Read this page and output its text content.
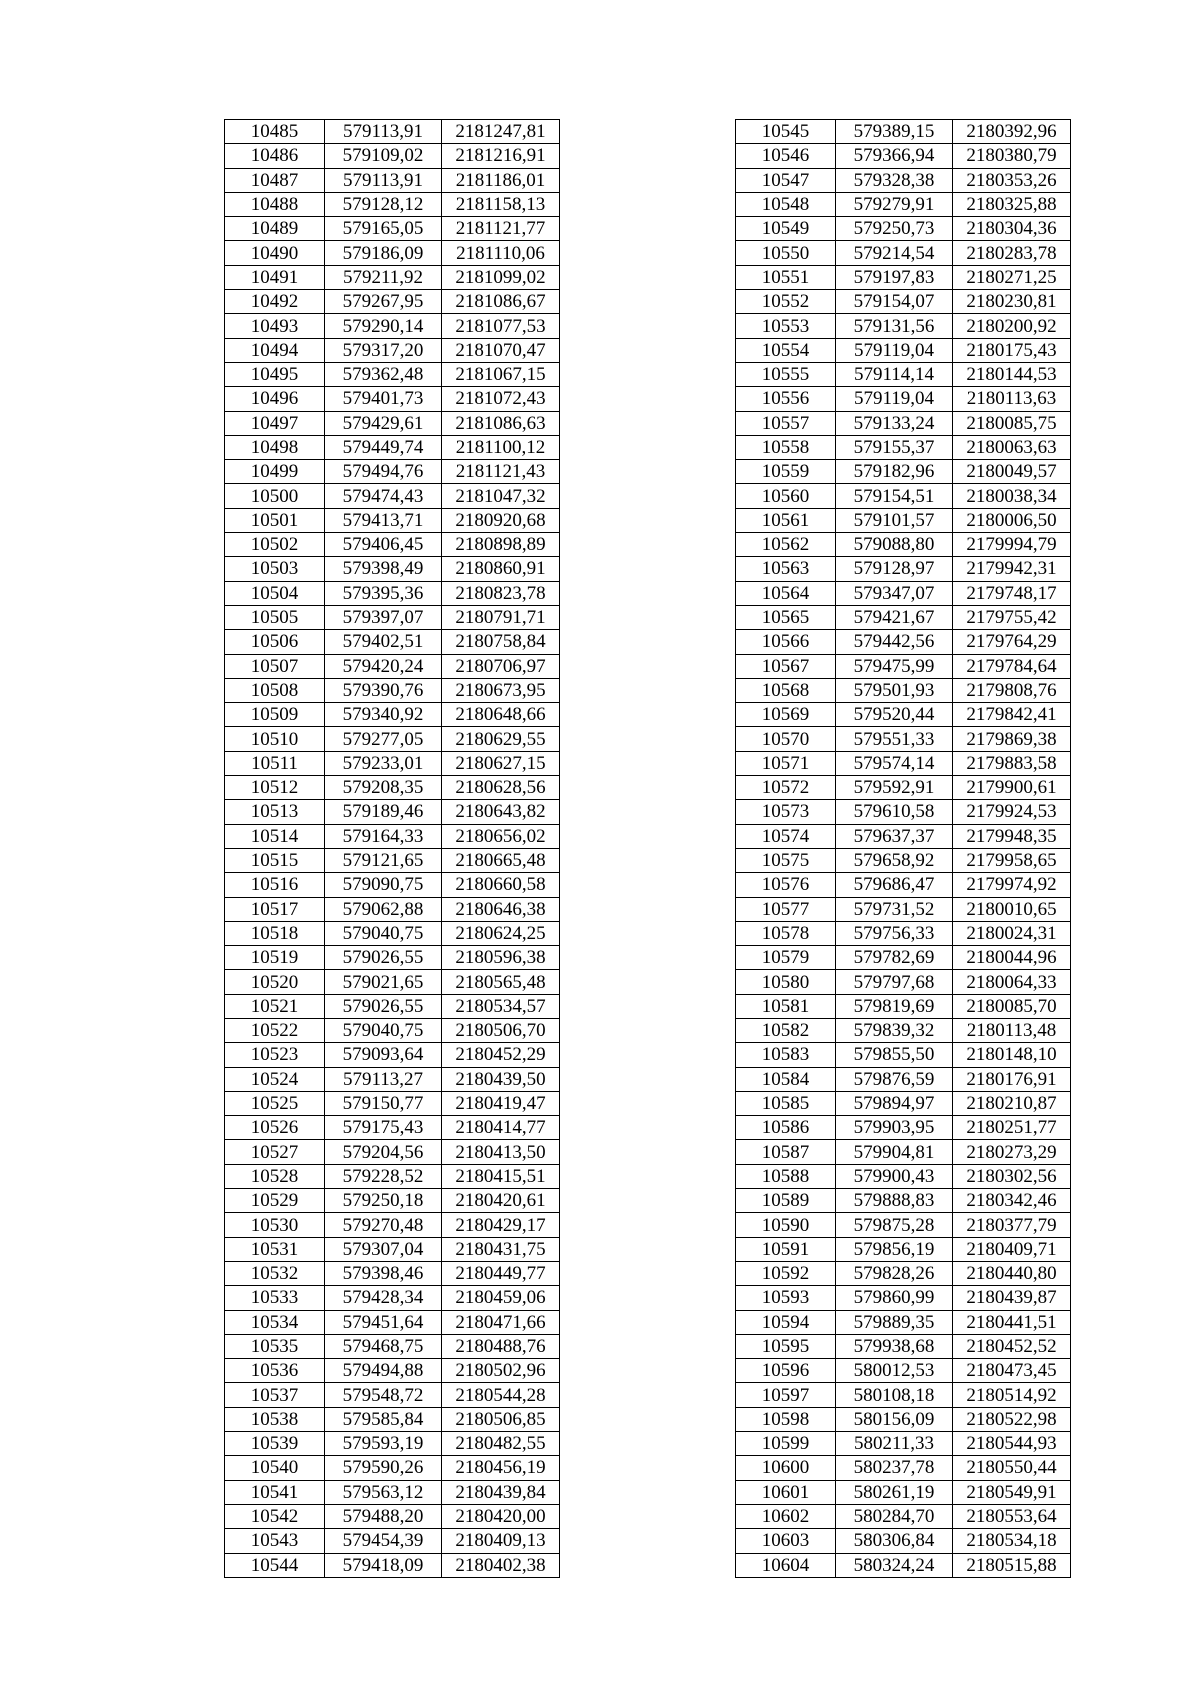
10485	579113,91	2181247,81
10486	579109,02	2181216,91
10487	579113,91	2181186,01
10488	579128,12	2181158,13
10489	579165,05	2181121,77
10490	579186,09	2181110,06
10491	579211,92	2181099,02
10492	579267,95	2181086,67
10493	579290,14	2181077,53
10494	579317,20	2181070,47
10495	579362,48	2181067,15
10496	579401,73	2181072,43
10497	579429,61	2181086,63
10498	579449,74	2181100,12
10499	579494,76	2181121,43
10500	579474,43	2181047,32
10501	579413,71	2180920,68
10502	579406,45	2180898,89
10503	579398,49	2180860,91
10504	579395,36	2180823,78
10505	579397,07	2180791,71
10506	579402,51	2180758,84
10507	579420,24	2180706,97
10508	579390,76	2180673,95
10509	579340,92	2180648,66
10510	579277,05	2180629,55
10511	579233,01	2180627,15
10512	579208,35	2180628,56
10513	579189,46	2180643,82
10514	579164,33	2180656,02
10515	579121,65	2180665,48
10516	579090,75	2180660,58
10517	579062,88	2180646,38
10518	579040,75	2180624,25
10519	579026,55	2180596,38
10520	579021,65	2180565,48
10521	579026,55	2180534,57
10522	579040,75	2180506,70
10523	579093,64	2180452,29
10524	579113,27	2180439,50
10525	579150,77	2180419,47
10526	579175,43	2180414,77
10527	579204,56	2180413,50
10528	579228,52	2180415,51
10529	579250,18	2180420,61
10530	579270,48	2180429,17
10531	579307,04	2180431,75
10532	579398,46	2180449,77
10533	579428,34	2180459,06
10534	579451,64	2180471,66
10535	579468,75	2180488,76
10536	579494,88	2180502,96
10537	579548,72	2180544,28
10538	579585,84	2180506,85
10539	579593,19	2180482,55
10540	579590,26	2180456,19
10541	579563,12	2180439,84
10542	579488,20	2180420,00
10543	579454,39	2180409,13
10544	579418,09	2180402,38
10545	579389,15	2180392,96
10546	579366,94	2180380,79
10547	579328,38	2180353,26
10548	579279,91	2180325,88
10549	579250,73	2180304,36
10550	579214,54	2180283,78
10551	579197,83	2180271,25
10552	579154,07	2180230,81
10553	579131,56	2180200,92
10554	579119,04	2180175,43
10555	579114,14	2180144,53
10556	579119,04	2180113,63
10557	579133,24	2180085,75
10558	579155,37	2180063,63
10559	579182,96	2180049,57
10560	579154,51	2180038,34
10561	579101,57	2180006,50
10562	579088,80	2179994,79
10563	579128,97	2179942,31
10564	579347,07	2179748,17
10565	579421,67	2179755,42
10566	579442,56	2179764,29
10567	579475,99	2179784,64
10568	579501,93	2179808,76
10569	579520,44	2179842,41
10570	579551,33	2179869,38
10571	579574,14	2179883,58
10572	579592,91	2179900,61
10573	579610,58	2179924,53
10574	579637,37	2179948,35
10575	579658,92	2179958,65
10576	579686,47	2179974,92
10577	579731,52	2180010,65
10578	579756,33	2180024,31
10579	579782,69	2180044,96
10580	579797,68	2180064,33
10581	579819,69	2180085,70
10582	579839,32	2180113,48
10583	579855,50	2180148,10
10584	579876,59	2180176,91
10585	579894,97	2180210,87
10586	579903,95	2180251,77
10587	579904,81	2180273,29
10588	579900,43	2180302,56
10589	579888,83	2180342,46
10590	579875,28	2180377,79
10591	579856,19	2180409,71
10592	579828,26	2180440,80
10593	579860,99	2180439,87
10594	579889,35	2180441,51
10595	579938,68	2180452,52
10596	580012,53	2180473,45
10597	580108,18	2180514,92
10598	580156,09	2180522,98
10599	580211,33	2180544,93
10600	580237,78	2180550,44
10601	580261,19	2180549,91
10602	580284,70	2180553,64
10603	580306,84	2180534,18
10604	580324,24	2180515,88
